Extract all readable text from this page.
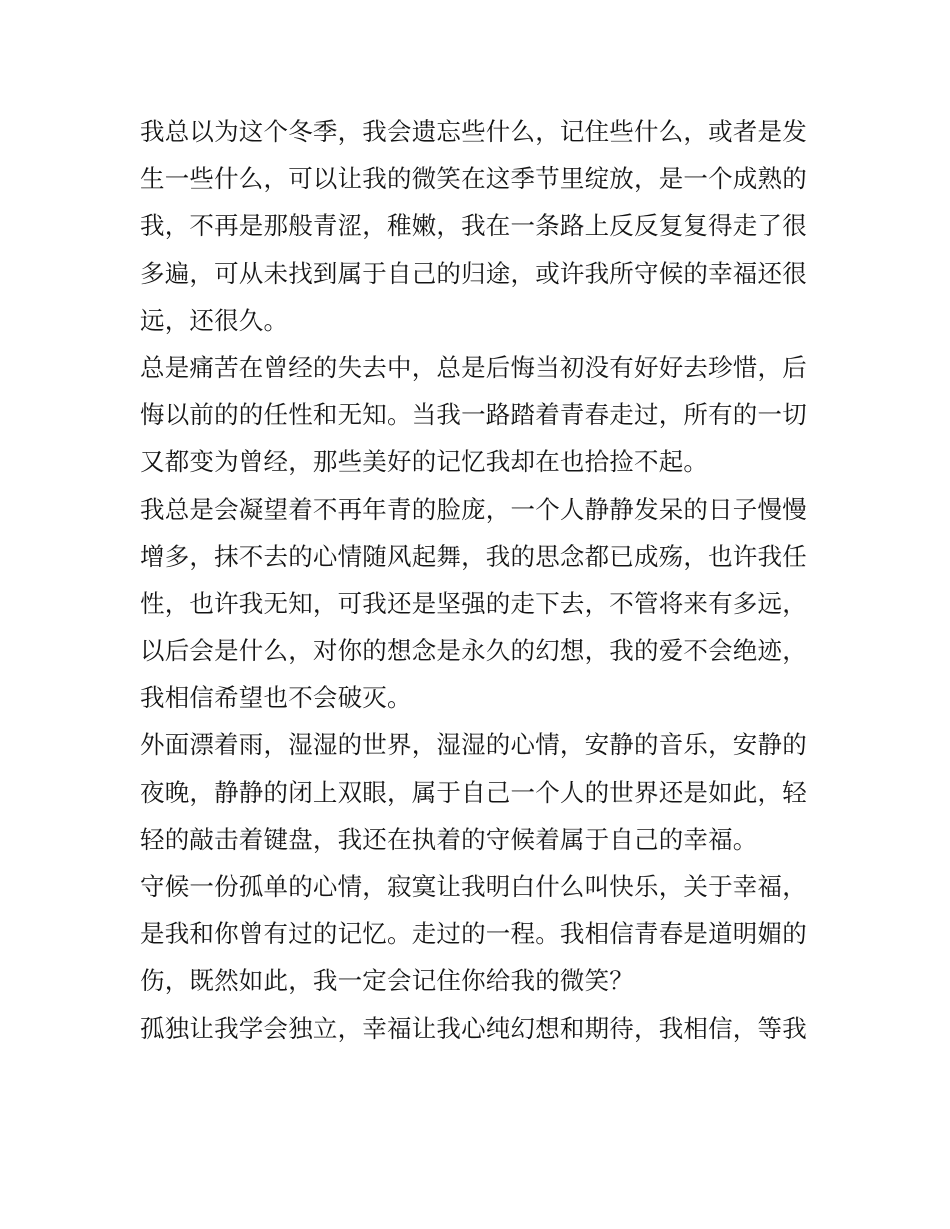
我总以为这个冬季，我会遗忘些什么，记住些什么，或者是发
生一些什么，可以让我的微笑在这季节里绽放，是一个成熟的
我，不再是那般青涩，稚嫩，我在一条路上反反复复得走了很
多遍，可从未找到属于自己的归途，或许我所守候的幸福还很
远，还很久。

总是痛苦在曾经的失去中，总是后悔当初没有好好去珍惜，后
悔以前的的任性和无知。当我一路踏着青春走过，所有的一切
又都变为曾经，那些美好的记忆我却在也拾捡不起。

我总是会凝望着不再年青的脸庞，一个人静静发呆的日子慢慢
增多，抹不去的心情随风起舞，我的思念都已成殇，也许我任
性，也许我无知，可我还是坚强的走下去，不管将来有多远，
以后会是什么，对你的想念是永久的幻想，我的爱不会绝迹，
我相信希望也不会破灭。

外面漂着雨，湿湿的世界，湿湿的心情，安静的音乐，安静的
夜晚，静静的闭上双眼，属于自己一个人的世界还是如此，轻
轻的敲击着键盘，我还在执着的守候着属于自己的幸福。

守候一份孤单的心情，寂寞让我明白什么叫快乐，关于幸福，
是我和你曾有过的记忆。走过的一程。我相信青春是道明媚的
伤，既然如此，我一定会记住你给我的微笑？

孤独让我学会独立，幸福让我心纯幻想和期待，我相信，等我
